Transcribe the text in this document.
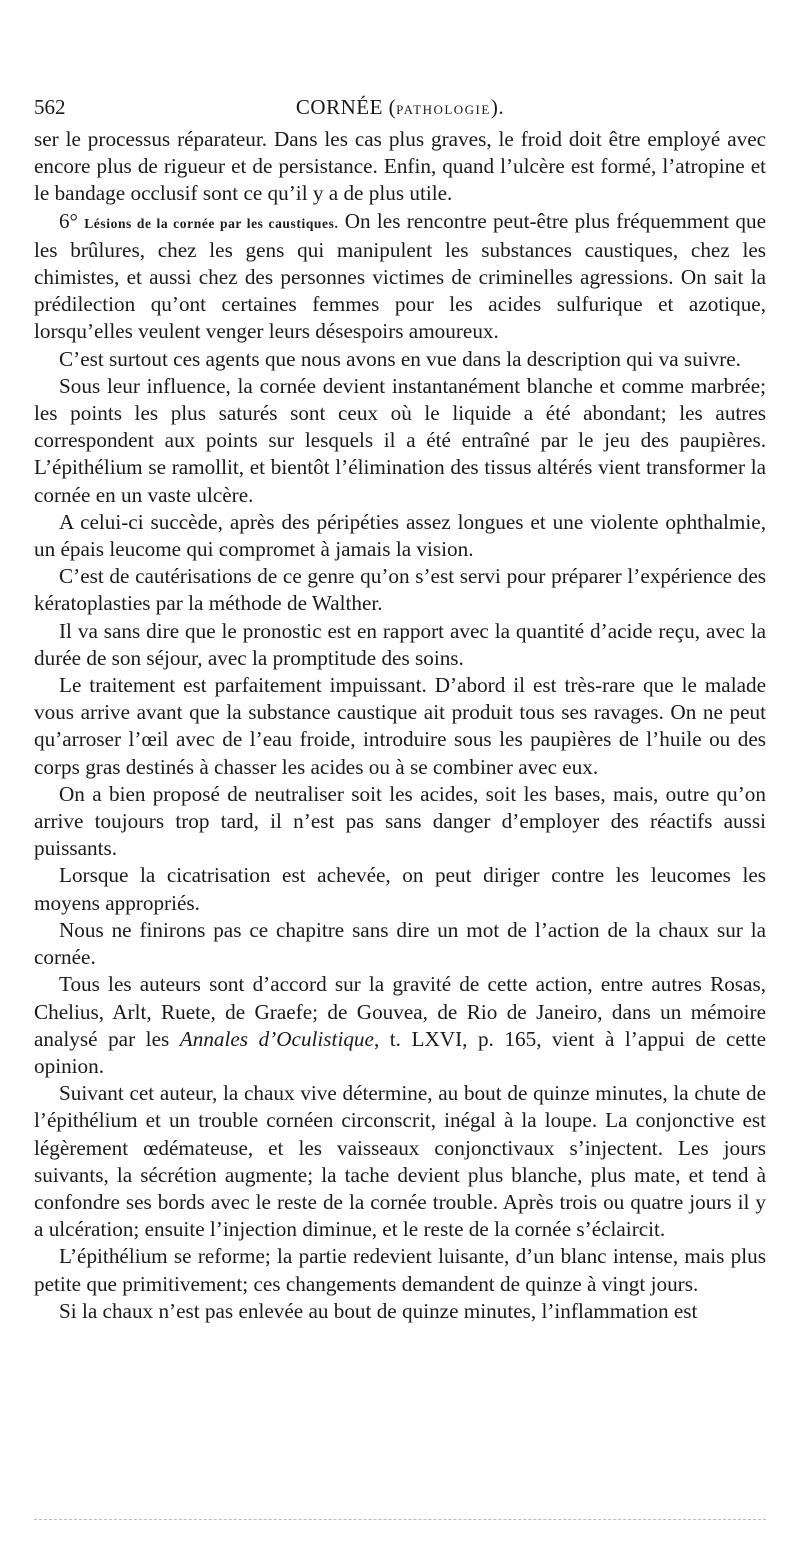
562	CORNÉE (PATHOLOGIE).

ser le processus réparateur. Dans les cas plus graves, le froid doit être employé avec encore plus de rigueur et de persistance. Enfin, quand l’ulcère est formé, l’atropine et le bandage occlusif sont ce qu’il y a de plus utile.

6° Lésions de la cornée par les caustiques. On les rencontre peut-être plus fréquemment que les brûlures, chez les gens qui manipulent les substances caustiques, chez les chimistes, et aussi chez des personnes victimes de criminelles agressions. On sait la prédilection qu’ont certaines femmes pour les acides sulfurique et azotique, lorsqu’elles veulent venger leurs désespoirs amoureux.

C’est surtout ces agents que nous avons en vue dans la description qui va suivre.

Sous leur influence, la cornée devient instantanément blanche et comme marbrée; les points les plus saturés sont ceux où le liquide a été abondant; les autres correspondent aux points sur lesquels il a été entraîné par le jeu des paupières. L’épithélium se ramollit, et bientôt l’élimination des tissus altérés vient transformer la cornée en un vaste ulcère.

A celui-ci succède, après des péripéties assez longues et une violente ophthalmie, un épais leucome qui compromet à jamais la vision.

C’est de cautérisations de ce genre qu’on s’est servi pour préparer l’expérience des kératoplasties par la méthode de Walther.

Il va sans dire que le pronostic est en rapport avec la quantité d’acide reçu, avec la durée de son séjour, avec la promptitude des soins.

Le traitement est parfaitement impuissant. D’abord il est très-rare que le malade vous arrive avant que la substance caustique ait produit tous ses ravages. On ne peut qu’arroser l’œil avec de l’eau froide, introduire sous les paupières de l’huile ou des corps gras destinés à chasser les acides ou à se combiner avec eux.

On a bien proposé de neutraliser soit les acides, soit les bases, mais, outre qu’on arrive toujours trop tard, il n’est pas sans danger d’employer des réactifs aussi puissants.

Lorsque la cicatrisation est achevée, on peut diriger contre les leucomes les moyens appropriés.

Nous ne finirons pas ce chapitre sans dire un mot de l’action de la chaux sur la cornée.

Tous les auteurs sont d’accord sur la gravité de cette action, entre autres Rosas, Chelius, Arlt, Ruete, de Graefe; de Gouvea, de Rio de Janeiro, dans un mémoire analysé par les Annales d’Oculistique, t. LXVI, p. 165, vient à l’appui de cette opinion.

Suivant cet auteur, la chaux vive détermine, au bout de quinze minutes, la chute de l’épithélium et un trouble cornéen circonscrit, inégal à la loupe. La conjonctive est légèrement œdémateuse, et les vaisseaux conjonctivaux s’injectent. Les jours suivants, la sécrétion augmente; la tache devient plus blanche, plus mate, et tend à confondre ses bords avec le reste de la cornée trouble. Après trois ou quatre jours il y a ulcération; ensuite l’injection diminue, et le reste de la cornée s’éclaircit.

L’épithélium se reforme; la partie redevient luisante, d’un blanc intense, mais plus petite que primitivement; ces changements demandent de quinze à vingt jours.

Si la chaux n’est pas enlevée au bout de quinze minutes, l’inflammation est
